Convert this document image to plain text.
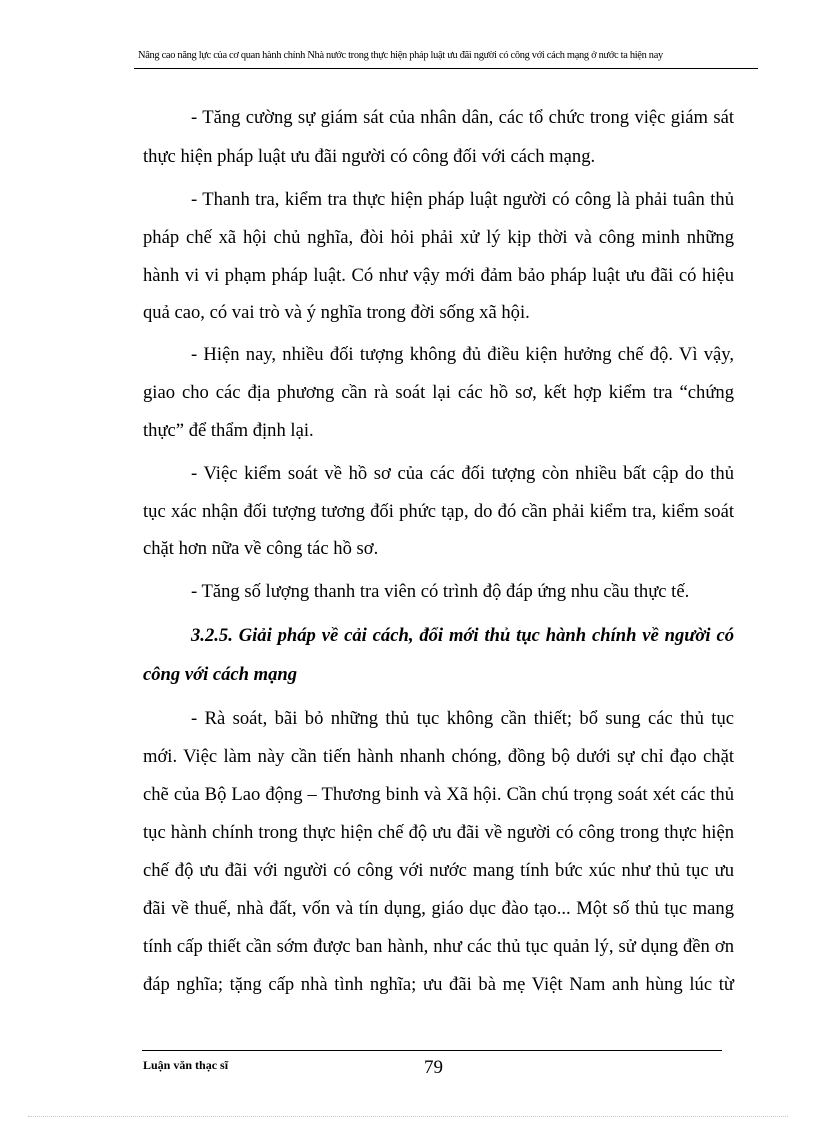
Nâng cao năng lực của cơ quan hành chính Nhà nước trong thực hiện pháp luật ưu đãi người có công với cách mạng ở nước ta hiện nay
- Tăng cường sự giám sát của nhân dân, các tổ chức trong việc giám sát
thực hiện pháp luật ưu đãi người có công đối với cách mạng.
- Thanh tra, kiểm tra thực hiện pháp luật người có công là phải tuân thủ
pháp chế xã hội chủ nghĩa, đòi hỏi phải xử lý kịp thời và công minh những
hành vi vi phạm pháp luật. Có như vậy mới đảm bảo pháp luật ưu đãi có hiệu
quả cao, có vai trò và ý nghĩa trong đời sống xã hội.
- Hiện nay, nhiều đối tượng không đủ điều kiện hưởng chế độ. Vì vậy,
giao cho các địa phương cần rà soát lại các hồ sơ, kết hợp kiểm tra “chứng
thực” để thẩm định lại.
- Việc kiểm soát về hồ sơ của các đối tượng còn nhiều bất cập do thủ
tục xác nhận đối tượng tương đối phức tạp, do đó cần phải kiểm tra, kiểm soát
chặt hơn nữa về công tác hồ sơ.
- Tăng số lượng thanh tra viên có trình độ đáp ứng nhu cầu thực tế.
3.2.5. Giải pháp về cải cách, đổi mới thủ tục hành chính về người có
công với cách mạng
- Rà soát, bãi bỏ những thủ tục không cần thiết; bổ sung các thủ tục
mới. Việc làm này cần tiến hành nhanh chóng, đồng bộ dưới sự chỉ đạo chặt
chẽ của Bộ Lao động – Thương binh và Xã hội. Cần chú trọng soát xét các thủ
tục hành chính trong thực hiện chế độ ưu đãi về người có công trong thực hiện
chế độ ưu đãi với người có công với nước mang tính bức xúc như thủ tục ưu
đãi về thuế, nhà đất, vốn và tín dụng, giáo dục đào tạo... Một số thủ tục mang
tính cấp thiết cần sớm được ban hành, như các thủ tục quản lý, sử dụng đền ơn
đáp nghĩa; tặng cấp nhà tình nghĩa; ưu đãi bà mẹ Việt Nam anh hùng lúc từ
Luận văn thạc sĩ	79
